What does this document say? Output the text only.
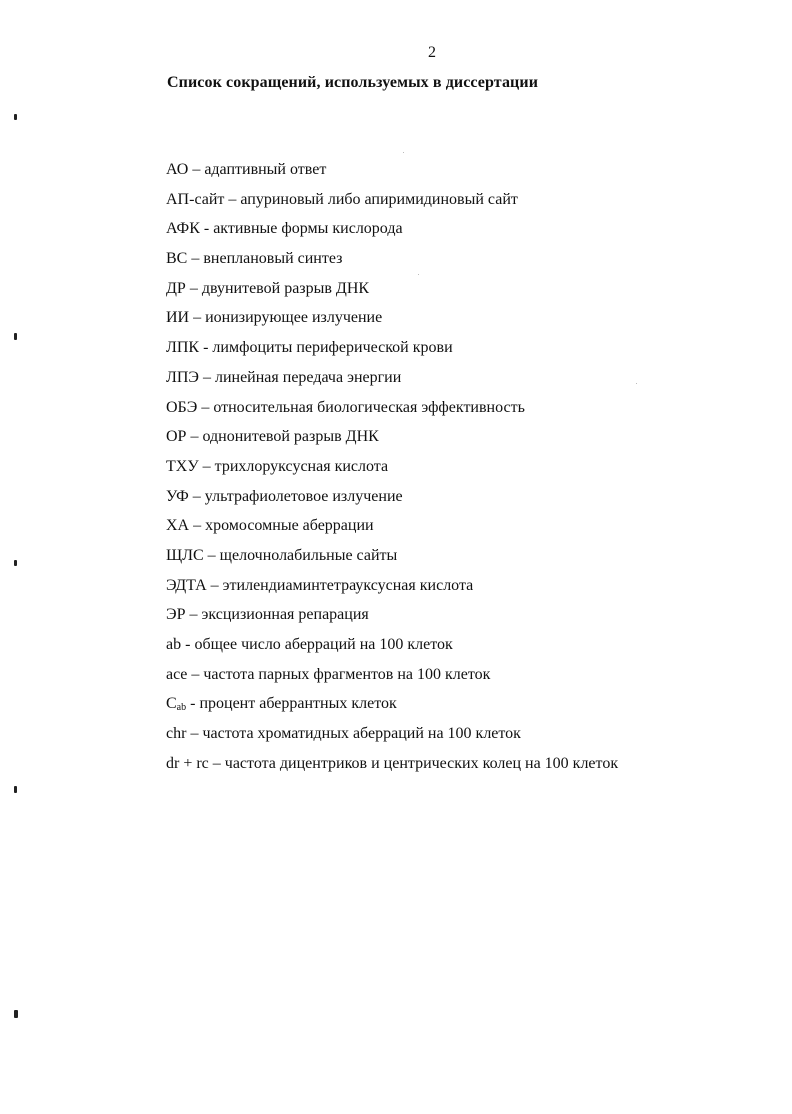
2
Список сокращений, используемых в диссертации
АО – адаптивный ответ
АП-сайт – апуриновый либо апиримидиновый сайт
АФК - активные формы кислорода
ВС – внеплановый синтез
ДР – двунитевой разрыв ДНК
ИИ – ионизирующее излучение
ЛПК - лимфоциты периферической крови
ЛПЭ – линейная передача энергии
ОБЭ – относительная биологическая эффективность
ОР – однонитевой разрыв ДНК
ТХУ – трихлоруксусная кислота
УФ – ультрафиолетовое излучение
ХА – хромосомные аберрации
ЩЛС – щелочнолабильные сайты
ЭДТА – этилендиаминтетрауксусная кислота
ЭР – эксцизионная репарация
ab - общее число аберраций на 100 клеток
ace – частота парных фрагментов на 100 клеток
$C_{ab}$ - процент аберрантных клеток
chr – частота хроматидных аберраций на 100 клеток
dr + rc – частота дицентриков и центрических колец на 100 клеток
